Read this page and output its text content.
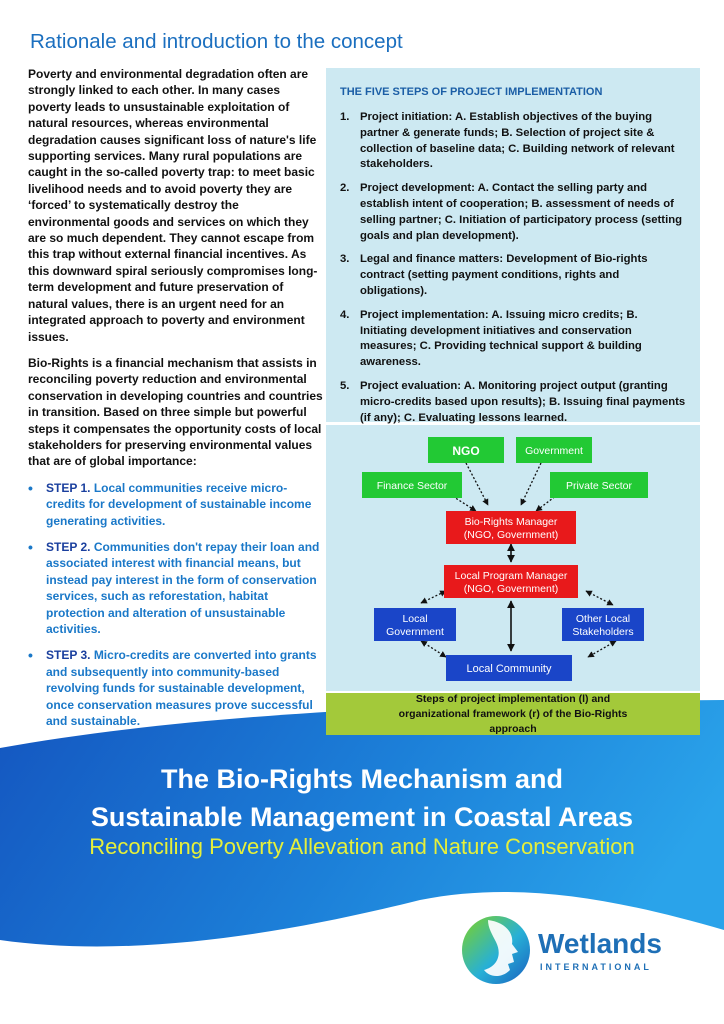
Rationale and introduction to the concept

Poverty and environmental degradation often are strongly linked to each other. In many cases poverty leads to unsustainable exploitation of natural resources, whereas environmental degradation causes significant loss of nature's life supporting services. Many rural populations are caught in the so-called poverty trap: to meet basic livelihood needs and to avoid poverty they are ‘forced’ to systematically destroy the environmental goods and services on which they are so much dependent. They cannot escape from this trap without external financial incentives. As this downward spiral seriously compromises long-term development and future preservation of natural values, there is an urgent need for an integrated approach to poverty and environment issues.

Bio-Rights is a financial mechanism that assists in reconciling poverty reduction and environmental conservation in developing countries and countries in transition. Based on three simple but powerful steps it compensates the opportunity costs of local stakeholders for preserving environmental values that are of global importance:

• STEP 1. Local communities receive micro-credits for development of sustainable income generating activities.
• STEP 2. Communities don't repay their loan and associated interest with financial means, but instead pay interest in the form of conservation services, such as reforestation, habitat protection and alteration of unsustainable activities.
• STEP 3. Micro-credits are converted into grants and subsequently into community-based revolving funds for sustainable development, once conservation measures prove successful and sustainable.
THE FIVE STEPS OF PROJECT IMPLEMENTATION
1. Project initiation: A. Establish objectives of the buying partner & generate funds; B. Selection of project site & collection of baseline data; C. Building network of relevant stakeholders.
2. Project development: A. Contact the selling party and establish intent of cooperation; B. assessment of needs of selling partner; C. Initiation of participatory process (setting goals and plan development).
3. Legal and finance matters: Development of Bio-rights contract (setting payment conditions, rights and obligations).
4. Project implementation: A. Issuing micro credits; B. Initiating development initiatives and conservation measures; C. Providing technical support & building awareness.
5. Project evaluation: A. Monitoring project output (granting micro-credits based upon results); B. Issuing final payments (if any); C. Evaluating lessons learned.
NGO	Government
Finance Sector	Private Sector
Bio-Rights Manager
(NGO, Government)
Local Program Manager
(NGO, Government)
Local
Government
Other Local
Stakeholders
Local Community
Steps of project implementation (l) and organizational framework (r) of the Bio-Rights approach
The Bio-Rights Mechanism and
Sustainable Management in Coastal Areas
Reconciling Poverty Allevation and Nature Conservation
Wetlands
INTERNATIONAL
